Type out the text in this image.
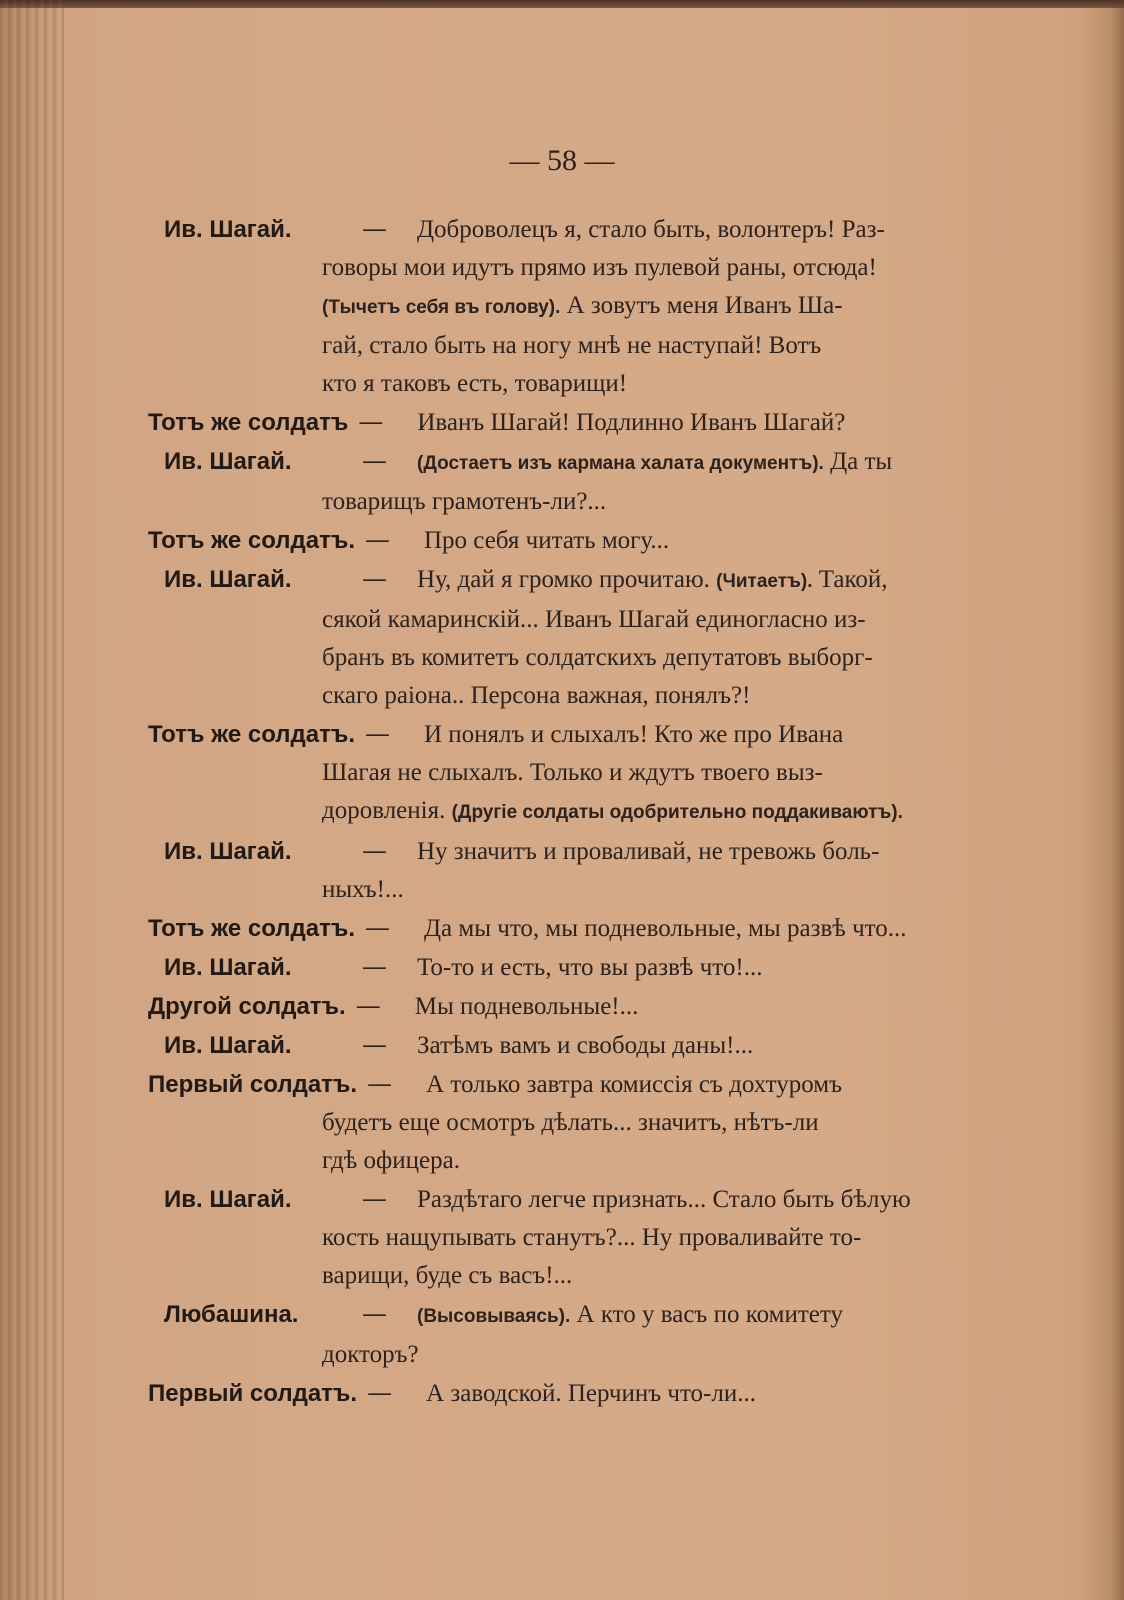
— 58 —
Ив. Шагай.	— Доброволецъ я, стало быть, волонтеръ! Раз-
говоры мои идутъ прямо изъ пулевой раны, отсюда!
(Тычетъ себя въ голову). А зовутъ меня Иванъ Ша-
гай, стало быть на ногу мнѣ не наступай! Вотъ
кто я таковъ есть, товарищи!
Тотъ же солдатъ — Иванъ Шагай! Подлинно Иванъ Шагай?
Ив. Шагай.	— (Достаетъ изъ кармана халата документъ). Да ты
товарищъ грамотенъ-ли?...
Тотъ же солдатъ. — Про себя читать могу...
Ив. Шагай.	— Ну, дай я громко прочитаю. (Читаетъ). Такой,
сякой камаринскій... Иванъ Шагай единогласно из-
бранъ въ комитетъ солдатскихъ депутатовъ выборг-
скаго раіона.. Персона важная, понялъ?!
Тотъ же солдатъ. — И понялъ и слыхалъ! Кто же про Ивана
Шагая не слыхалъ. Только и ждутъ твоего выз-
доровленія. (Другіе солдаты одобрительно поддакиваютъ).
Ив. Шагай.	— Ну значитъ и проваливай, не тревожь боль-
ныхъ!...
Тотъ же солдатъ. — Да мы что, мы подневольные, мы развѣ что...
Ив. Шагай.	— То-то и есть, что вы развѣ что!...
Другой солдатъ. — Мы подневольные!...
Ив. Шагай.	— Затѣмъ вамъ и свободы даны!...
Первый солдатъ. — А только завтра комиссія съ дохтуромъ
будетъ еще осмотръ дѣлать... значитъ, нѣтъ-ли
гдѣ офицера.
Ив. Шагай.	— Раздѣтаго легче признать... Стало быть бѣлую
кость нащупывать станутъ?... Ну проваливайте то-
варищи, буде съ васъ!...
Любашина.	— (Высовываясь). А кто у васъ по комитету
докторъ?
Первый солдатъ. — А заводской. Перчинъ что-ли...
